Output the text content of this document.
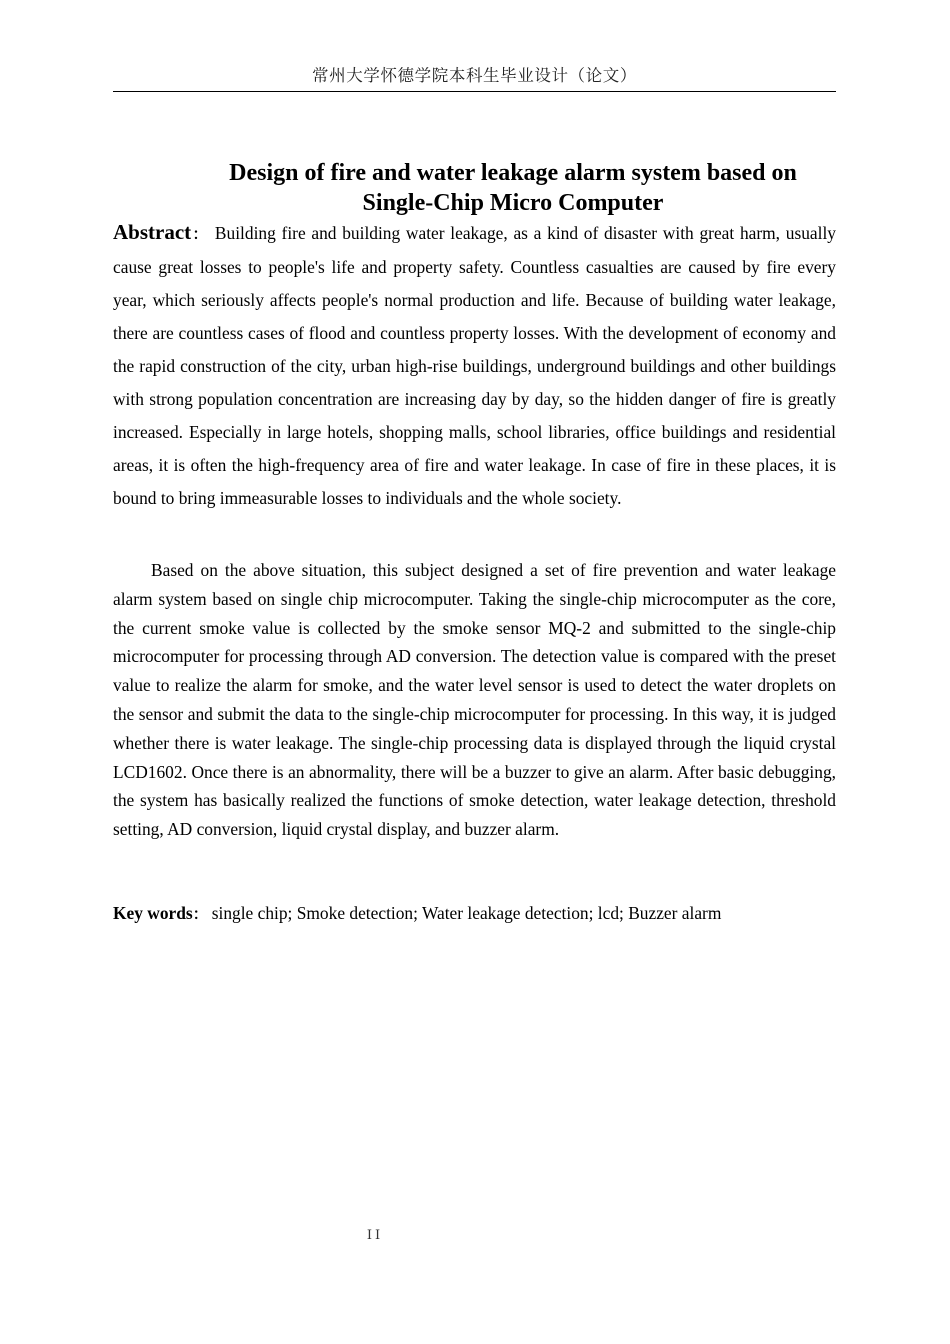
常州大学怀德学院本科生毕业设计（论文）
Design of fire and water leakage alarm system based on
Single-Chip Micro Computer

Abstract： Building fire and building water leakage, as a kind of disaster with great harm, usually cause great losses to people's life and property safety. Countless casualties are caused by fire every year, which seriously affects people's normal production and life. Because of building water leakage, there are countless cases of flood and countless property losses. With the development of economy and the rapid construction of the city, urban high-rise buildings, underground buildings and other buildings with strong population concentration are increasing day by day, so the hidden danger of fire is greatly increased. Especially in large hotels, shopping malls, school libraries, office buildings and residential areas, it is often the high-frequency area of fire and water leakage. In case of fire in these places, it is bound to bring immeasurable losses to individuals and the whole society.

Based on the above situation, this subject designed a set of fire prevention and water leakage alarm system based on single chip microcomputer. Taking the single-chip microcomputer as the core, the current smoke value is collected by the smoke sensor MQ-2 and submitted to the single-chip microcomputer for processing through AD conversion. The detection value is compared with the preset value to realize the alarm for smoke, and the water level sensor is used to detect the water droplets on the sensor and submit the data to the single-chip microcomputer for processing. In this way, it is judged whether there is water leakage. The single-chip processing data is displayed through the liquid crystal LCD1602. Once there is an abnormality, there will be a buzzer to give an alarm. After basic debugging, the system has basically realized the functions of smoke detection, water leakage detection, threshold setting, AD conversion, liquid crystal display, and buzzer alarm.

Key words： single chip; Smoke detection; Water leakage detection; lcd; Buzzer alarm

II
